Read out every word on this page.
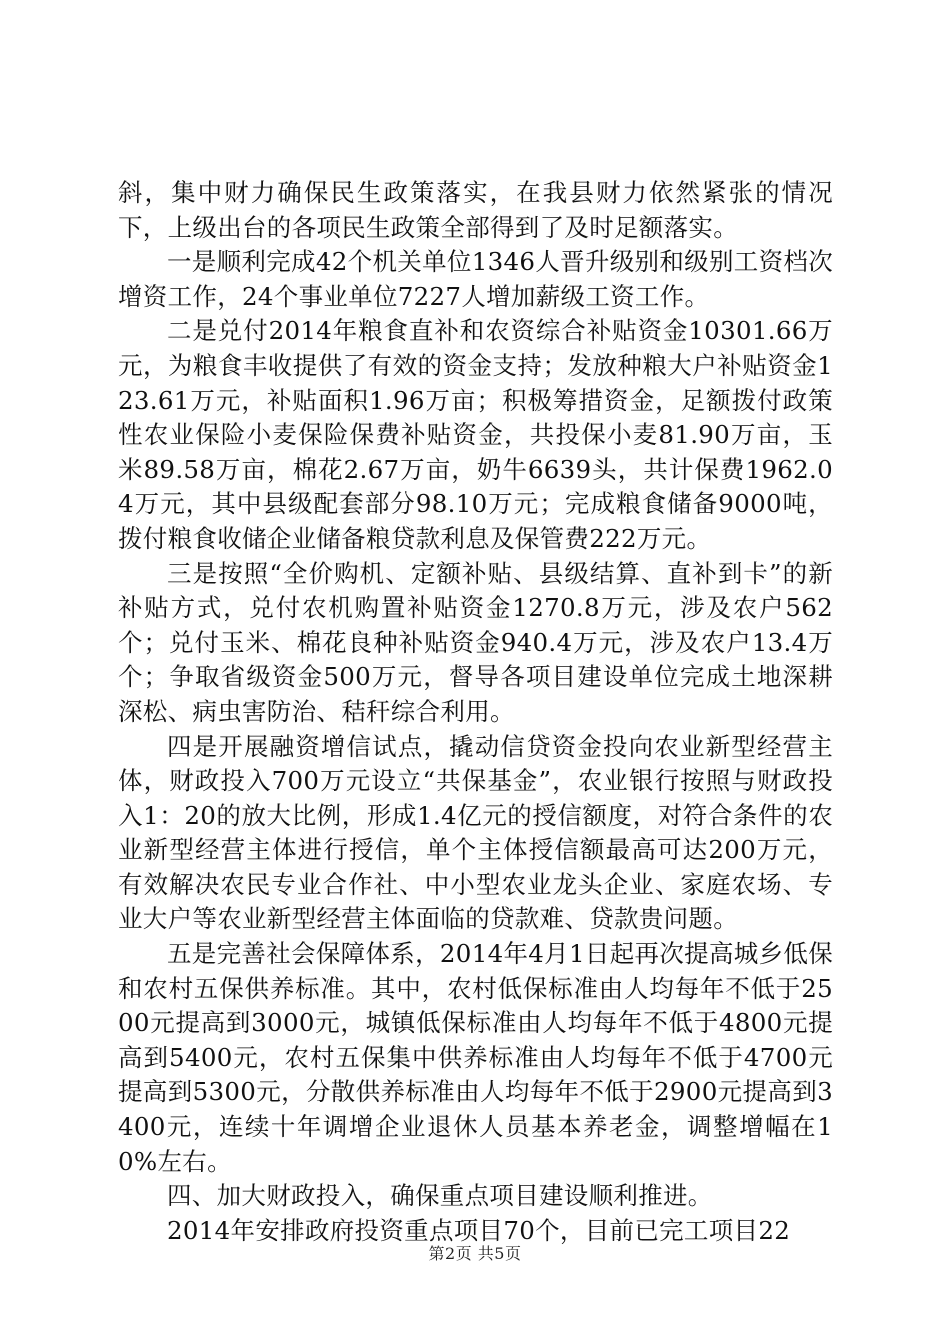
斜，集中财力确保民生政策落实，在我县财力依然紧张的情况下，上级出台的各项民生政策全部得到了及时足额落实。

一是顺利完成42个机关单位1346人晋升级别和级别工资档次增资工作，24个事业单位7227人增加薪级工资工作。

二是兑付2014年粮食直补和农资综合补贴资金10301.66万元，为粮食丰收提供了有效的资金支持；发放种粮大户补贴资金123.61万元，补贴面积1.96万亩；积极筹措资金，足额拨付政策性农业保险小麦保险保费补贴资金，共投保小麦81.90万亩，玉米89.58万亩，棉花2.67万亩，奶牛6639头，共计保费1962.04万元，其中县级配套部分98.10万元；完成粮食储备9000吨，拨付粮食收储企业储备粮贷款利息及保管费222万元。

三是按照“全价购机、定额补贴、县级结算、直补到卡”的新补贴方式，兑付农机购置补贴资金1270.8万元，涉及农户562个；兑付玉米、棉花良种补贴资金940.4万元，涉及农户13.4万个；争取省级资金500万元，督导各项目建设单位完成土地深耕深松、病虫害防治、秸秆综合利用。

四是开展融资增信试点，撬动信贷资金投向农业新型经营主体，财政投入700万元设立“共保基金”，农业银行按照与财政投入1：20的放大比例，形成1.4亿元的授信额度，对符合条件的农业新型经营主体进行授信，单个主体授信额最高可达200万元，有效解决农民专业合作社、中小型农业龙头企业、家庭农场、专业大户等农业新型经营主体面临的贷款难、贷款贵问题。

五是完善社会保障体系，2014年4月1日起再次提高城乡低保和农村五保供养标准。其中，农村低保标准由人均每年不低于2500元提高到3000元，城镇低保标准由人均每年不低于4800元提高到5400元，农村五保集中供养标准由人均每年不低于4700元提高到5300元，分散供养标准由人均每年不低于2900元提高到3400元，连续十年调增企业退休人员基本养老金，调整增幅在10%左右。

四、加大财政投入，确保重点项目建设顺利推进。

2014年安排政府投资重点项目70个，目前已完工项目22

第2页 共5页
